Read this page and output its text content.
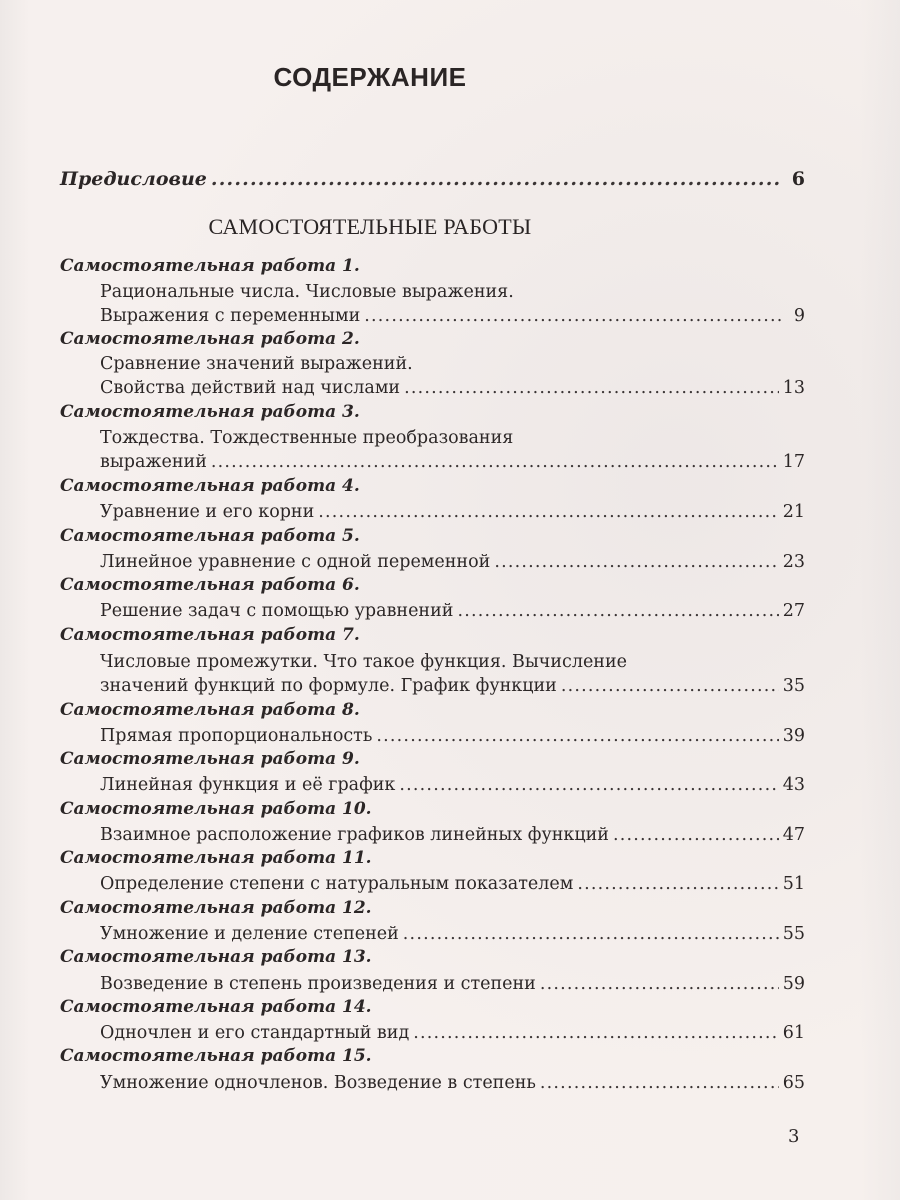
СОДЕРЖАНИЕ
Предисловие .....	6
САМОСТОЯТЕЛЬНЫЕ РАБОТЫ
Самостоятельная работа 1.
Рациональные числа. Числовые выражения.
Выражения с переменными .....	9
Самостоятельная работа 2.
Сравнение значений выражений.
Свойства действий над числами .....	13
Самостоятельная работа 3.
Тождества. Тождественные преобразования
выражений .....	17
Самостоятельная работа 4.
Уравнение и его корни .....	21
Самостоятельная работа 5.
Линейное уравнение с одной переменной .....	23
Самостоятельная работа 6.
Решение задач с помощью уравнений .....	27
Самостоятельная работа 7.
Числовые промежутки. Что такое функция. Вычисление
значений функций по формуле. График функции .....	35
Самостоятельная работа 8.
Прямая пропорциональность .....	39
Самостоятельная работа 9.
Линейная функция и её график .....	43
Самостоятельная работа 10.
Взаимное расположение графиков линейных функций .....	47
Самостоятельная работа 11.
Определение степени с натуральным показателем .....	51
Самостоятельная работа 12.
Умножение и деление степеней .....	55
Самостоятельная работа 13.
Возведение в степень произведения и степени .....	59
Самостоятельная работа 14.
Одночлен и его стандартный вид .....	61
Самостоятельная работа 15.
Умножение одночленов. Возведение в степень .....	65
3
